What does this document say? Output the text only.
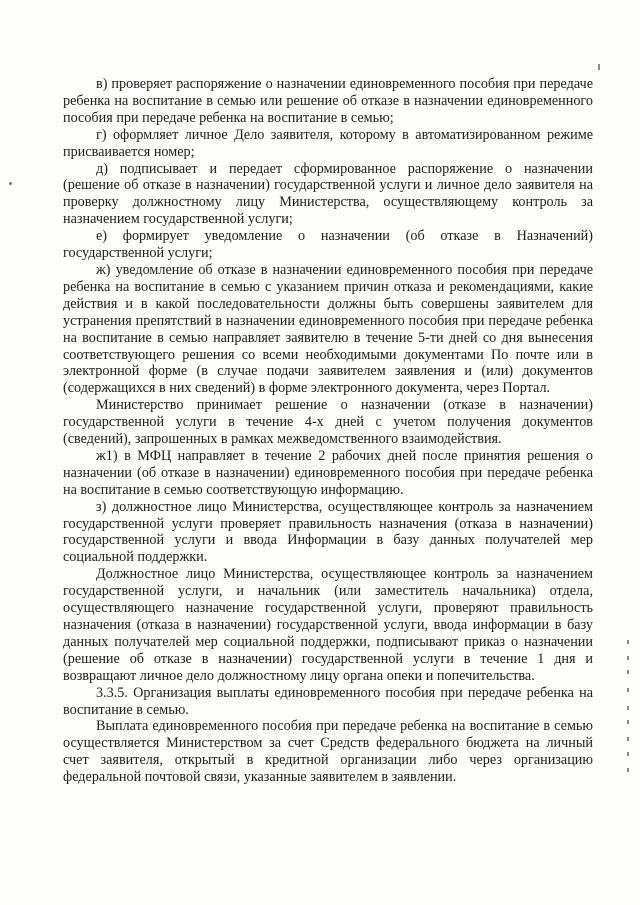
в) проверяет распоряжение о назначении единовременного пособия при передаче ребенка на воспитание в семью или решение об отказе в назначении единовременного пособия при передаче ребенка на воспитание в семью;

г) оформляет личное Дело заявителя, которому в автоматизированном режиме присваивается номер;

д) подписывает и передает сформированное распоряжение о назначении (решение об отказе в назначении) государственной услуги и личное дело заявителя на проверку должностному лицу Министерства, осуществляющему контроль за назначением государственной услуги;

е) формирует уведомление о назначении (об отказе в Назначений) государственной услуги;

ж) уведомление об отказе в назначении единовременного пособия при передаче ребенка на воспитание в семью с указанием причин отказа и рекомендациями, какие действия и в какой последовательности должны быть совершены заявителем для устранения препятствий в назначении единовременного пособия при передаче ребенка на воспитание в семью направляет заявителю в течение 5-ти дней со дня вынесения соответствующего решения со всеми необходимыми документами По почте или в электронной форме (в случае подачи заявителем заявления и (или) документов (содержащихся в них сведений) в форме электронного документа, через Портал.

Министерство принимает решение о назначении (отказе в назначении) государственной услуги в течение 4-х дней с учетом получения документов (сведений), запрошенных в рамках межведомственного взаимодействия.

ж1) в МФЦ направляет в течение 2 рабочих дней после принятия решения о назначении (об отказе в назначении) единовременного пособия при передаче ребенка на воспитание в семью соответствующую информацию.

з) должностное лицо Министерства, осуществляющее контроль за назначением государственной услуги проверяет правильность назначения (отказа в назначении) государственной услуги и ввода Информации в базу данных получателей мер социальной поддержки.

Должностное лицо Министерства, осуществляющее контроль за назначением государственной услуги, и начальник (или заместитель начальника) отдела, осуществляющего назначение государственной услуги, проверяют правильность назначения (отказа в назначении) государственной услуги, ввода информации в базу данных получателей мер социальной поддержки, подписывают приказ о назначении (решение об отказе в назначении) государственной услуги в течение 1 дня и возвращают личное дело должностному лицу органа опеки и попечительства.

3.3.5. Организация выплаты единовременного пособия при передаче ребенка на воспитание в семью.

Выплата единовременного пособия при передаче ребенка на воспитание в семью осуществляется Министерством за счет Средств федерального бюджета на личный счет заявителя, открытый в кредитной организации либо через организацию федеральной почтовой связи, указанные заявителем в заявлении.
